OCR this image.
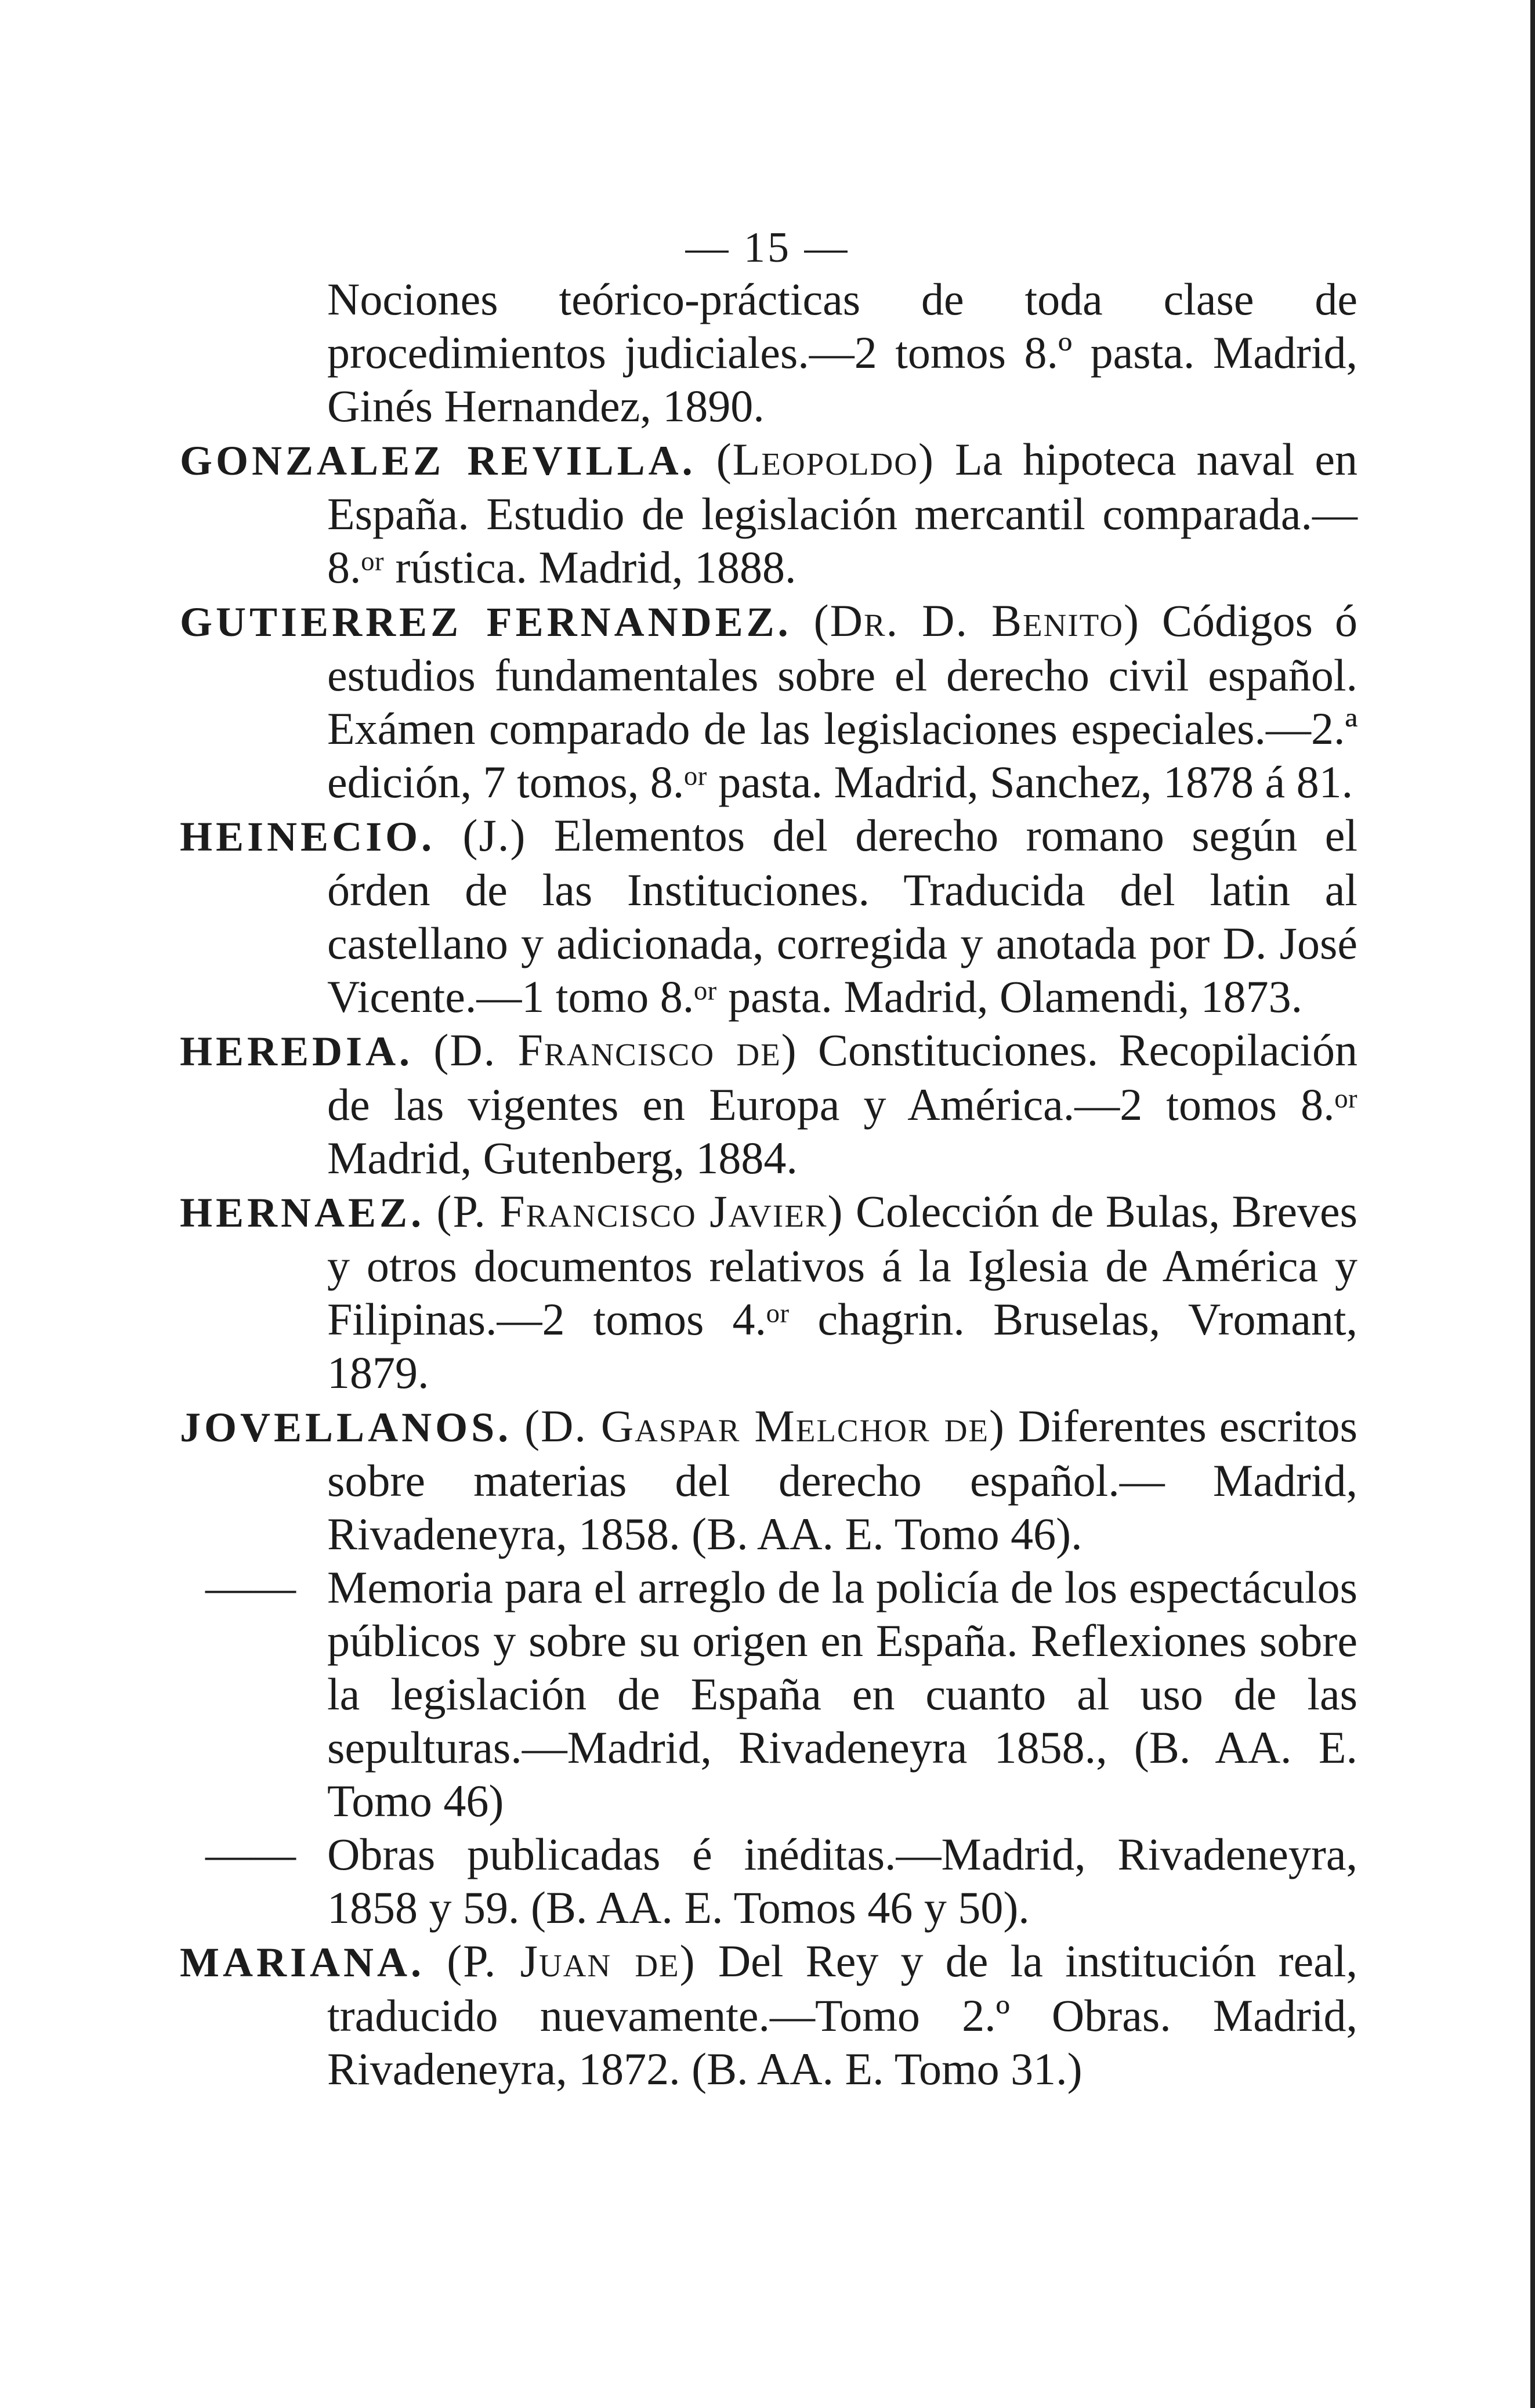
— 15 —

Nociones teórico-prácticas de toda clase de procedimientos judiciales.—2 tomos 8.º pasta. Madrid, Ginés Hernandez, 1890.

GONZALEZ REVILLA. (Leopoldo) La hipoteca naval en España. Estudio de legislación mercantil comparada.—8.ᵒʳ rústica. Madrid, 1888.

GUTIERREZ FERNANDEZ. (Dr. D. Benito) Códigos ó estudios fundamentales sobre el derecho civil español. Exámen comparado de las legislaciones especiales.—2.ª edición, 7 tomos, 8.ᵒʳ pasta. Madrid, Sanchez, 1878 á 81.

HEINECIO. (J.) Elementos del derecho romano según el órden de las Instituciones. Traducida del latin al castellano y adicionada, corregida y anotada por D. José Vicente.—1 tomo 8.ᵒʳ pasta. Madrid, Olamendi, 1873.

HEREDIA. (D. Francisco de) Constituciones. Recopilación de las vigentes en Europa y América.—2 tomos 8.ᵒʳ Madrid, Gutenberg, 1884.

HERNAEZ. (P. Francisco Javier) Colección de Bulas, Breves y otros documentos relativos á la Iglesia de América y Filipinas.—2 tomos 4.ᵒʳ chagrin. Bruselas, Vromant, 1879.

JOVELLANOS. (D. Gaspar Melchor de) Diferentes escritos sobre materias del derecho español.— Madrid, Rivadeneyra, 1858. (B. AA. E. Tomo 46).

—— Memoria para el arreglo de la policía de los espectáculos públicos y sobre su origen en España. Reflexiones sobre la legislación de España en cuanto al uso de las sepulturas.—Madrid, Rivadeneyra 1858., (B. AA. E. Tomo 46)

—— Obras publicadas é inéditas.—Madrid, Rivadeneyra, 1858 y 59. (B. AA. E. Tomos 46 y 50).

MARIANA. (P. Juan de) Del Rey y de la institución real, traducido nuevamente.—Tomo 2.º Obras. Madrid, Rivadeneyra, 1872. (B. AA. E. Tomo 31.)
